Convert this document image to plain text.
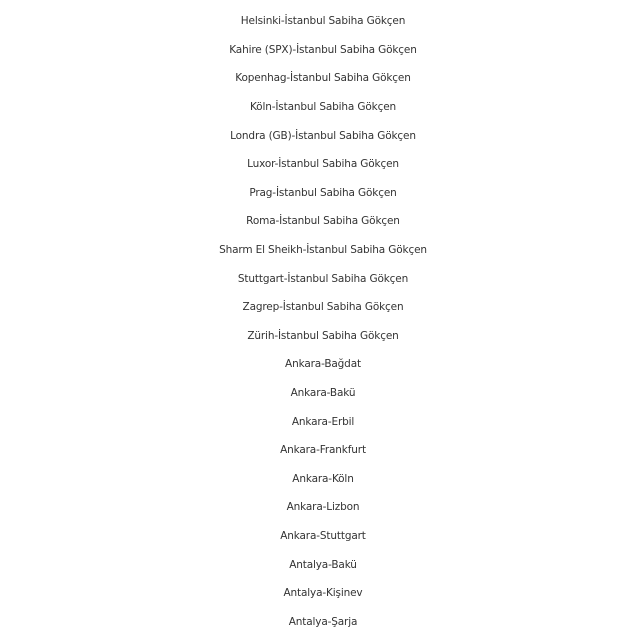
Helsinki-İstanbul Sabiha Gökçen
Kahire (SPX)-İstanbul Sabiha Gökçen
Kopenhag-İstanbul Sabiha Gökçen
Köln-İstanbul Sabiha Gökçen
Londra (GB)-İstanbul Sabiha Gökçen
Luxor-İstanbul Sabiha Gökçen
Prag-İstanbul Sabiha Gökçen
Roma-İstanbul Sabiha Gökçen
Sharm El Sheikh-İstanbul Sabiha Gökçen
Stuttgart-İstanbul Sabiha Gökçen
Zagrep-İstanbul Sabiha Gökçen
Zürih-İstanbul Sabiha Gökçen
Ankara-Bağdat
Ankara-Bakü
Ankara-Erbil
Ankara-Frankfurt
Ankara-Köln
Ankara-Lizbon
Ankara-Stuttgart
Antalya-Bakü
Antalya-Kişinev
Antalya-Şarja
